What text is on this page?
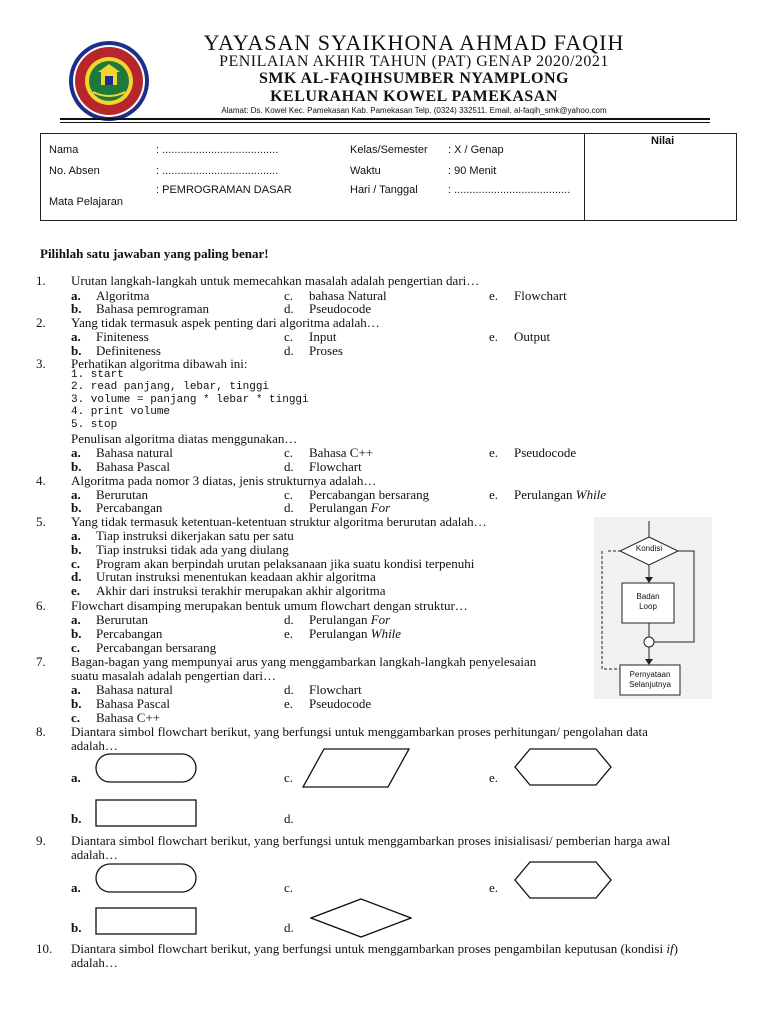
YAYASAN SYAIKHONA AHMAD FAQIH
PENILAIAN AKHIR TAHUN (PAT) GENAP 2020/2021
SMK AL-FAQIHSUMBER NYAMPLONG
KELURAHAN KOWEL PAMEKASAN
Alamat: Ds. Kowel Kec. Pamekasan Kab. Pamekasan Telp. (0324) 332511. Email. al-faqih_smk@yahoo.com
Nama	: ......................................
No. Absen	: ......................................
: PEMROGRAMAN DASAR
Mata Pelajaran
Kelas/Semester : X / Genap
Waktu	: 90 Menit
Hari / Tanggal	: ......................................
Nilai
Pilihlah satu jawaban yang paling benar!
1. Urutan langkah-langkah untuk memecahkan masalah adalah pengertian dari…
a. Algoritma
b. Bahasa pemrograman
c. bahasa Natural
d. Pseudocode
e. Flowchart
2. Yang tidak termasuk aspek penting dari algoritma adalah…
a. Finiteness
b. Definiteness
c. Input
d. Proses
e. Output
3. Perhatikan algoritma dibawah ini:
1. start
2. read panjang, lebar, tinggi
3. volume = panjang * lebar * tinggi
4. print volume
5. stop
Penulisan algoritma diatas menggunakan…
a. Bahasa natural
b. Bahasa Pascal
c. Bahasa C++
d. Flowchart
e. Pseudocode
4. Algoritma pada nomor 3 diatas, jenis strukturnya adalah…
a. Berurutan
b. Percabangan
c. Percabangan bersarang
d. Perulangan For
e. Perulangan While
5. Yang tidak termasuk ketentuan-ketentuan struktur algoritma berurutan adalah…
a. Tiap instruksi dikerjakan satu per satu
b. Tiap instruksi tidak ada yang diulang
c. Program akan berpindah urutan pelaksanaan jika suatu kondisi terpenuhi
d. Urutan instruksi menentukan keadaan akhir algoritma
e. Akhir dari instruksi terakhir merupakan akhir algoritma
6. Flowchart disamping merupakan bentuk umum flowchart dengan struktur…
a. Berurutan
b. Percabangan
c. Percabangan bersarang
d. Perulangan For
e. Perulangan While
7. Bagan-bagan yang mempunyai arus yang menggambarkan langkah-langkah penyelesaian
suatu masalah adalah pengertian dari…
a. Bahasa natural
b. Bahasa Pascal
c. Bahasa C++
d. Flowchart
e. Pseudocode
Kondisi
Badan
Loop
Pernyataan
Selanjutnya
8. Diantara simbol flowchart berikut, yang berfungsi untuk menggambarkan proses perhitungan/ pengolahan data
adalah…
a.	c.	e.
b.	d.
9. Diantara simbol flowchart berikut, yang berfungsi untuk menggambarkan proses inisialisasi/ pemberian harga awal
adalah…
a.	c.	e.
b.	d.
10. Diantara simbol flowchart berikut, yang berfungsi untuk menggambarkan proses pengambilan keputusan (kondisi if)
adalah…
